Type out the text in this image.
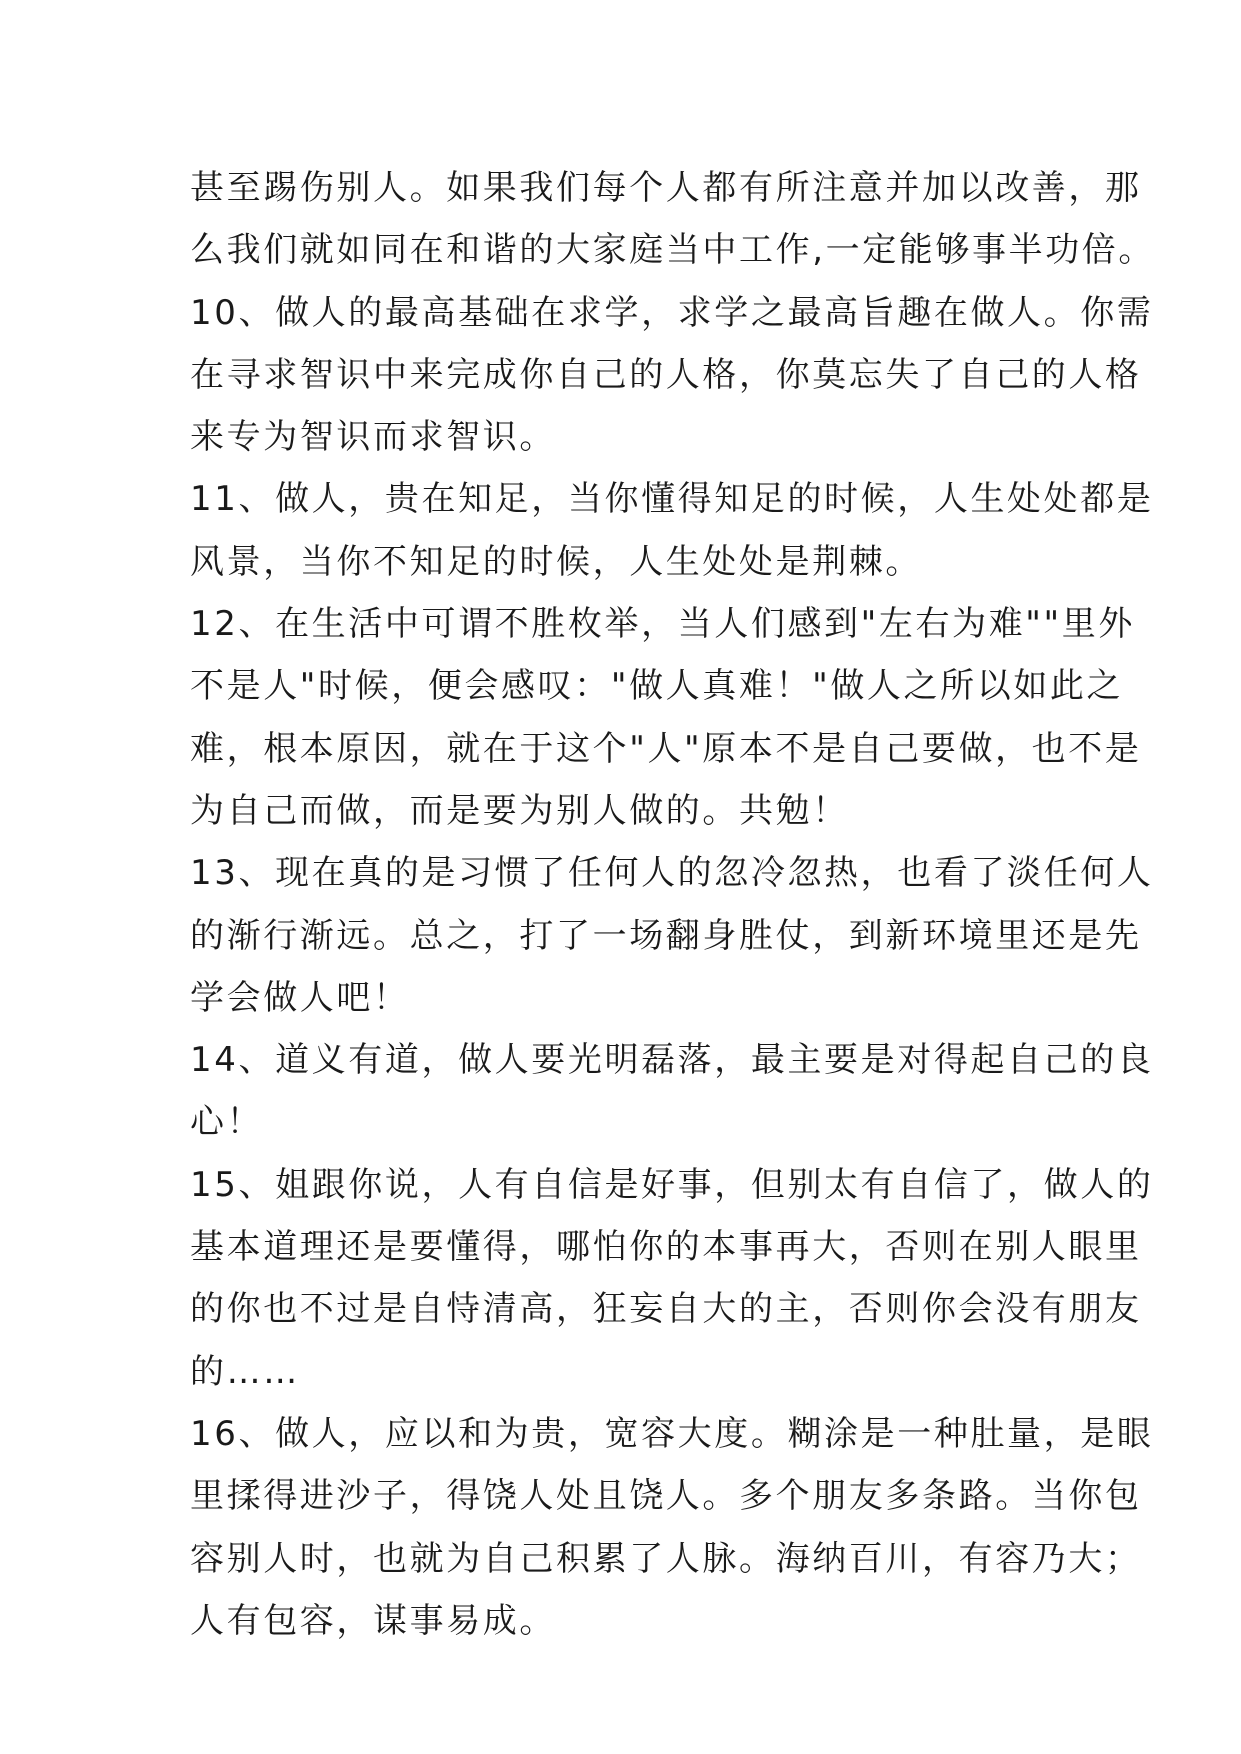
甚至踢伤别人。如果我们每个人都有所注意并加以改善，那
么我们就如同在和谐的大家庭当中工作,一定能够事半功倍。
10、做人的最高基础在求学，求学之最高旨趣在做人。你需
在寻求智识中来完成你自己的人格，你莫忘失了自己的人格
来专为智识而求智识。
11、做人，贵在知足，当你懂得知足的时候，人生处处都是
风景，当你不知足的时候，人生处处是荆棘。
12、在生活中可谓不胜枚举，当人们感到"左右为难""里外
不是人"时候，便会感叹："做人真难！"做人之所以如此之
难，根本原因，就在于这个"人"原本不是自己要做，也不是
为自己而做，而是要为别人做的。共勉！
13、现在真的是习惯了任何人的忽冷忽热，也看了淡任何人
的渐行渐远。总之，打了一场翻身胜仗，到新环境里还是先
学会做人吧！
14、道义有道，做人要光明磊落，最主要是对得起自己的良
心！
15、姐跟你说，人有自信是好事，但别太有自信了，做人的
基本道理还是要懂得，哪怕你的本事再大，否则在别人眼里
的你也不过是自恃清高，狂妄自大的主，否则你会没有朋友
的……
16、做人，应以和为贵，宽容大度。糊涂是一种肚量，是眼
里揉得进沙子，得饶人处且饶人。多个朋友多条路。当你包
容别人时，也就为自己积累了人脉。海纳百川，有容乃大；
人有包容，谋事易成。
